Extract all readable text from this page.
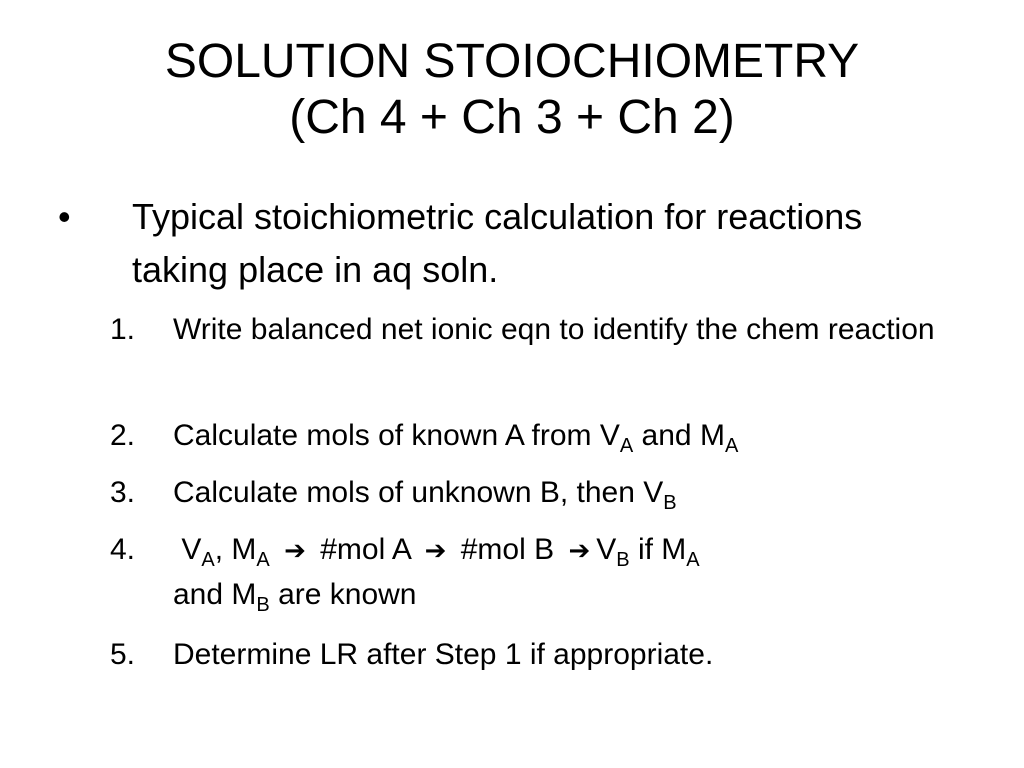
SOLUTION STOIOCHIOMETRY
(Ch 4 + Ch 3 + Ch 2)
• Typical stoichiometric calculation for reactions taking place in aq soln.
1. Write balanced net ionic eqn to identify the chem reaction
2. Calculate mols of known A from $V_A$ and $M_A$
3. Calculate mols of unknown B, then $V_B$
4. $V_A$, $M_A$ ➔ #mol A ➔ #mol B ➔ $V_B$ if $M_A$
and $M_B$ are known
5. Determine LR after Step 1 if appropriate.
